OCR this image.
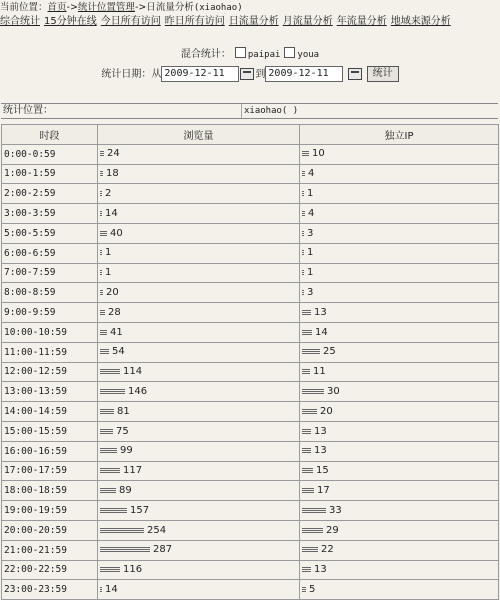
当前位置：首页->统计位置管理->日流量分析(xiaohao)
综合统计 15分钟在线 今日所有访问 昨日所有访问 日流量分析 月流量分析 年流量分析 地域来源分析
混合统计： paipai youa
统计日期：从 2009-12-11	到 2009-12-11	统计
统计位置：	xiaohao( )
时段	浏览量	独立IP
0:00-0:59	24	10
1:00-1:59	18	4
2:00-2:59	2	1
3:00-3:59	14	4
5:00-5:59	40	3
6:00-6:59	1	1
7:00-7:59	1	1
8:00-8:59	20	3
9:00-9:59	28	13
10:00-10:59	41	14
11:00-11:59	54	25
12:00-12:59	114	11
13:00-13:59	146	30
14:00-14:59	81	20
15:00-15:59	75	13
16:00-16:59	99	13
17:00-17:59	117	15
18:00-18:59	89	17
19:00-19:59	157	33
20:00-20:59	254	29
21:00-21:59	287	22
22:00-22:59	116	13
23:00-23:59	14	5
